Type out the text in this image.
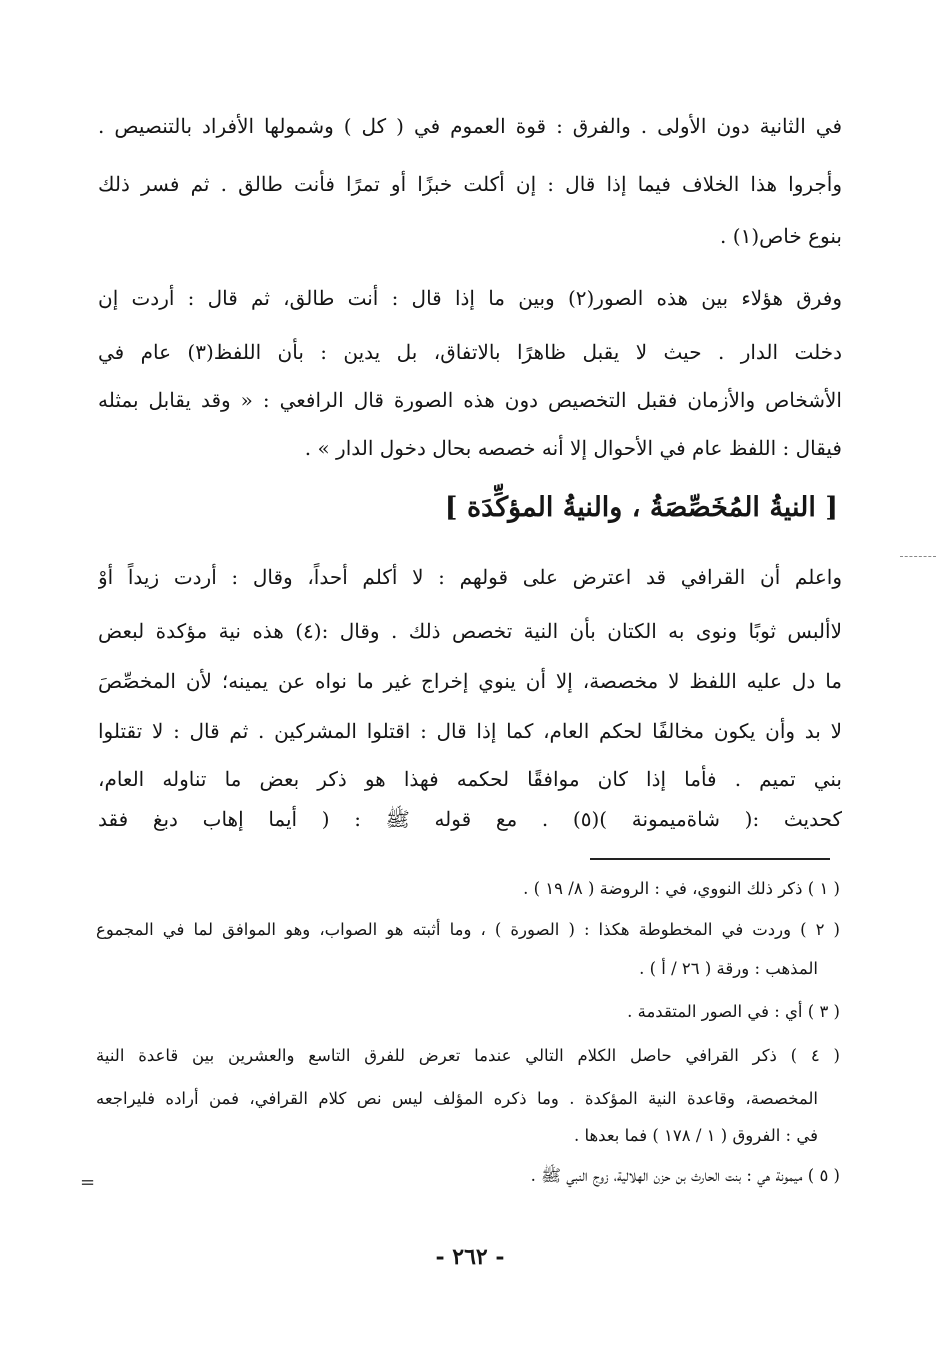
في الثانية دون الأولى . والفرق : قوة العموم في ( كل ) وشمولها الأفراد بالتنصيص .
وأجروا هذا الخلاف فيما إذا قال : إن أكلت خبزًا أو تمرًا فأنت طالق . ثم فسر ذلك
بنوع خاص(١) .
وفرق هؤلاء بين هذه الصور(٢) وبين ما إذا قال : أنت طالق، ثم قال : أردت إن
دخلت الدار . حيث لا يقبل ظاهرًا بالاتفاق، بل يدين : بأن اللفظ(٣) عام في
الأشخاص والأزمان فقبل التخصيص دون هذه الصورة قال الرافعي : « وقد يقابل بمثله
فيقال : اللفظ عام في الأحوال إلا أنه خصصه بحال دخول الدار » .
[ النيةُ المُخَصِّصَةُ ، والنيةُ المؤكِّدَة ]
واعلم أن القرافي قد اعترض على قولهم : لا أكلم أحداً، وقال : أردت زيداً أَوْ
لاألبس ثوبًا ونوى به الكتان بأن النية تخصص ذلك . وقال :(٤) هذه نية مؤكدة لبعض
ما دل عليه اللفظ لا مخصصة، إلا أن ينوي إخراج غير ما نواه عن يمينه؛ لأن المخصِّصَ
لا بد وأن يكون مخالفًا لحكم العام، كما إذا قال : اقتلوا المشركين . ثم قال : لا تقتلوا
بني تميم . فأما إذا كان موافقًا لحكمه فهذا هو ذكر بعض ما تناوله العام،
كحديث :( شاةميمونة )(٥) . مع قوله ﷺ : ( أيما إهاب دبغ فقد
( ١ ) ذكر ذلك النووي، في : الروضة ( ٨/ ١٩ ) .
( ٢ ) وردت في المخطوطة هكذا : ( الصورة ) ، وما أثبته هو الصواب، وهو الموافق لما في المجموع
المذهب : ورقة ( ٢٦ / أ ) .
( ٣ ) أي : في الصور المتقدمة .
( ٤ ) ذكر القرافي حاصل الكلام التالي عندما تعرض للفرق التاسع والعشرين بين قاعدة النية
المخصصة، وقاعدة النية المؤكدة . وما ذكره المؤلف ليس نص كلام القرافي، فمن أراده فليراجعه
في : الفروق ( ١ / ١٧٨ ) فما بعدها .
( ٥ ) ميمونة هي : بنت الحارث بن حزن الهلالية، زوج النبي ﷺ .
=
- ٢٦٢ -
